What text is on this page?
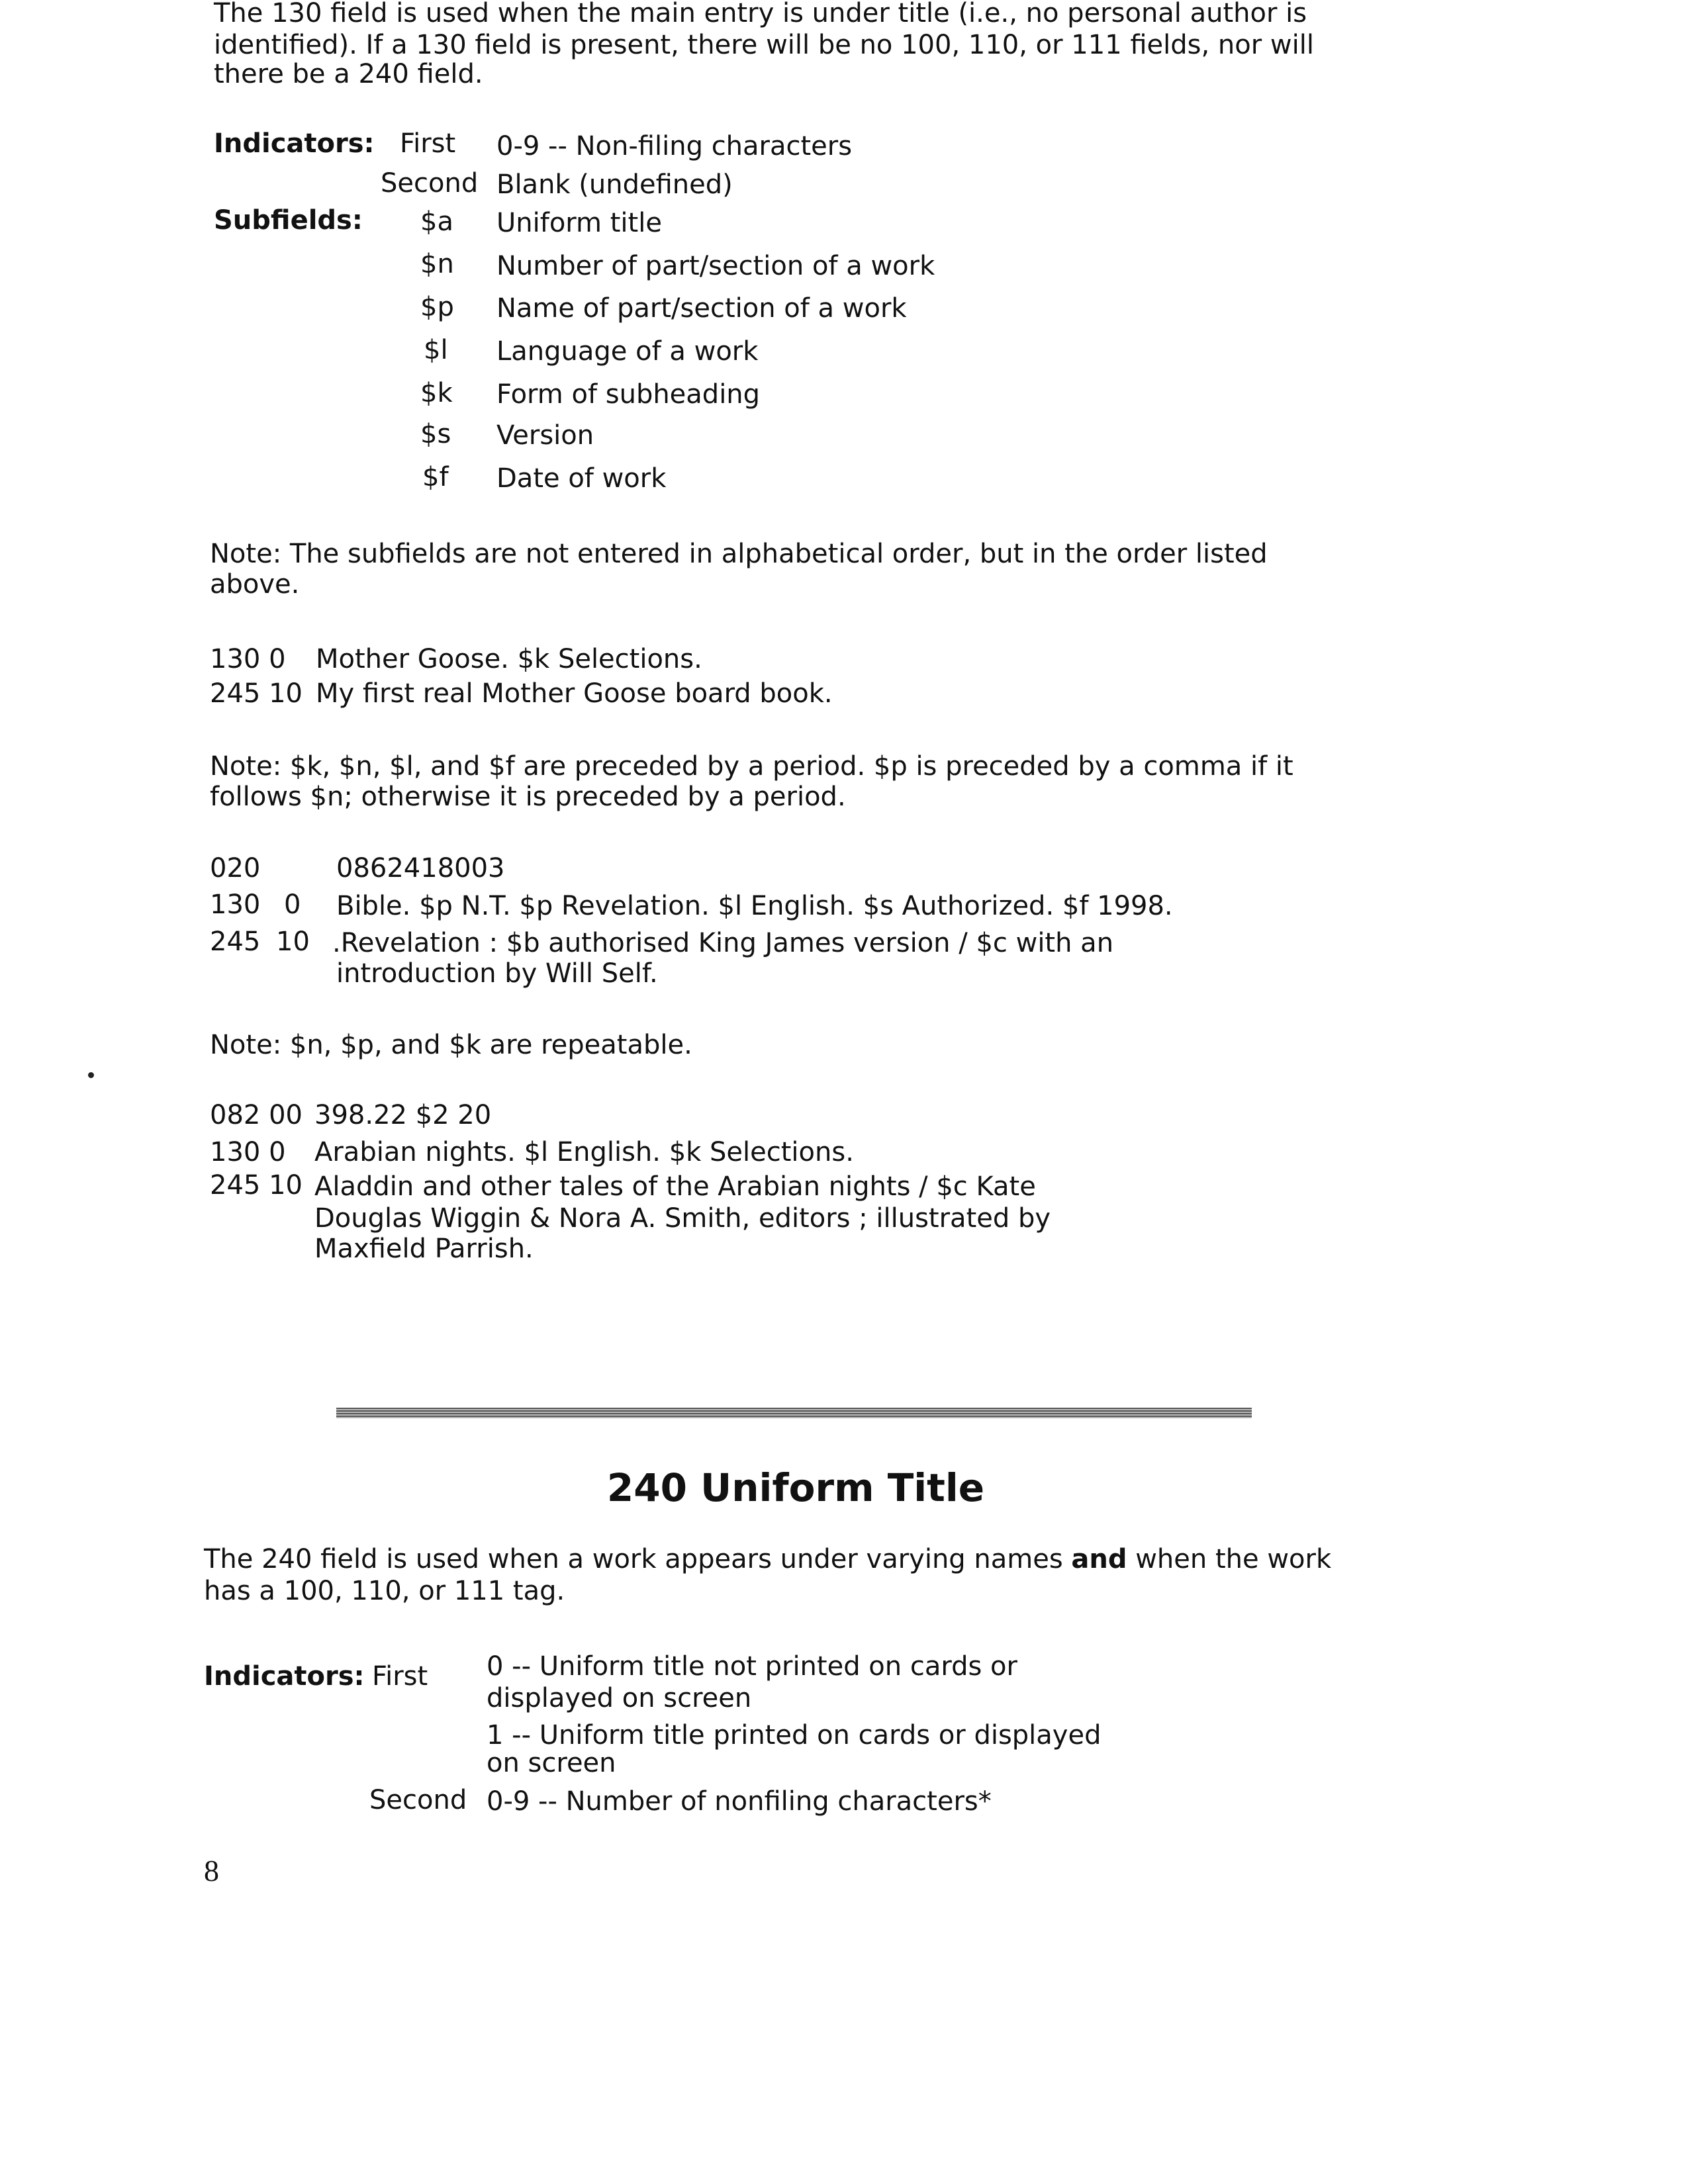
The 130 field is used when the main entry is under title (i.e., no personal author is
identified). If a 130 field is present, there will be no 100, 110, or 111 fields, nor will
there be a 240 field.
Indicators: First 0-9 -- Non-filing characters
Second Blank (undefined)
Subfields: $a Uniform title
$n Number of part/section of a work
$p Name of part/section of a work
$l Language of a work
$k Form of subheading
$s Version
$f Date of work
Note: The subfields are not entered in alphabetical order, but in the order listed
above.
130 0 Mother Goose. $k Selections.
245 10 My first real Mother Goose board book.
Note: $k, $n, $l, and $f are preceded by a period. $p is preceded by a comma if it
follows $n; otherwise it is preceded by a period.
020	0862418003
130 0 Bible. $p N.T. $p Revelation. $l English. $s Authorized. $f 1998.
245 10 .Revelation : $b authorised King James version / $c with an
introduction by Will Self.
Note: $n, $p, and $k are repeatable.
082 00 398.22 $2 20
130 0 Arabian nights. $l English. $k Selections.
245 10 Aladdin and other tales of the Arabian nights / $c Kate
Douglas Wiggin & Nora A. Smith, editors ; illustrated by
Maxfield Parrish.
240 Uniform Title
The 240 field is used when a work appears under varying names and when the work
has a 100, 110, or 111 tag.
Indicators: First 0 -- Uniform title not printed on cards or
displayed on screen
1 -- Uniform title printed on cards or displayed
on screen
Second 0-9 -- Number of nonfiling characters*
8
